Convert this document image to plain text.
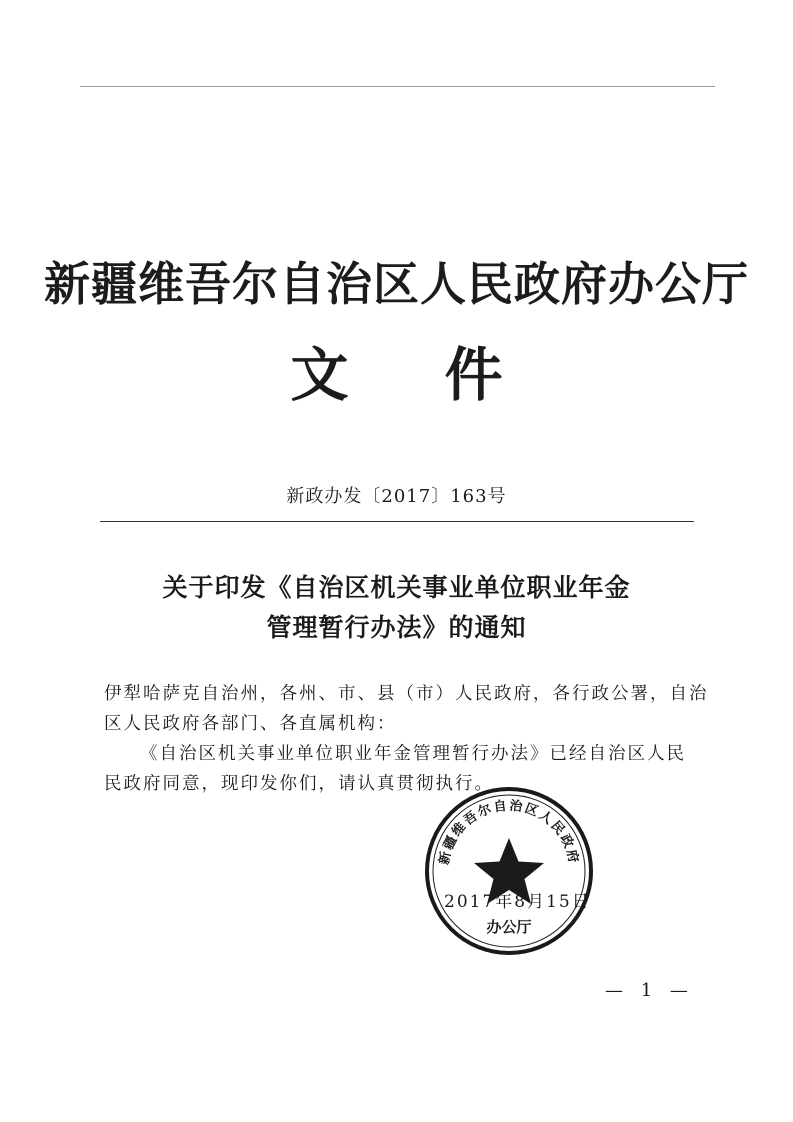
新疆维吾尔自治区人民政府办公厅
文件
新政办发〔2017〕163号
关于印发《自治区机关事业单位职业年金
管理暂行办法》的通知
伊犁哈萨克自治州，各州、市、县（市）人民政府，各行政公署，自治
区人民政府各部门、各直属机构：
《自治区机关事业单位职业年金管理暂行办法》已经自治区人民
民政府同意，现印发你们，请认真贯彻执行。
2017年8月15日
新疆维吾尔自治区人民政府
办公厅
— 1 —
